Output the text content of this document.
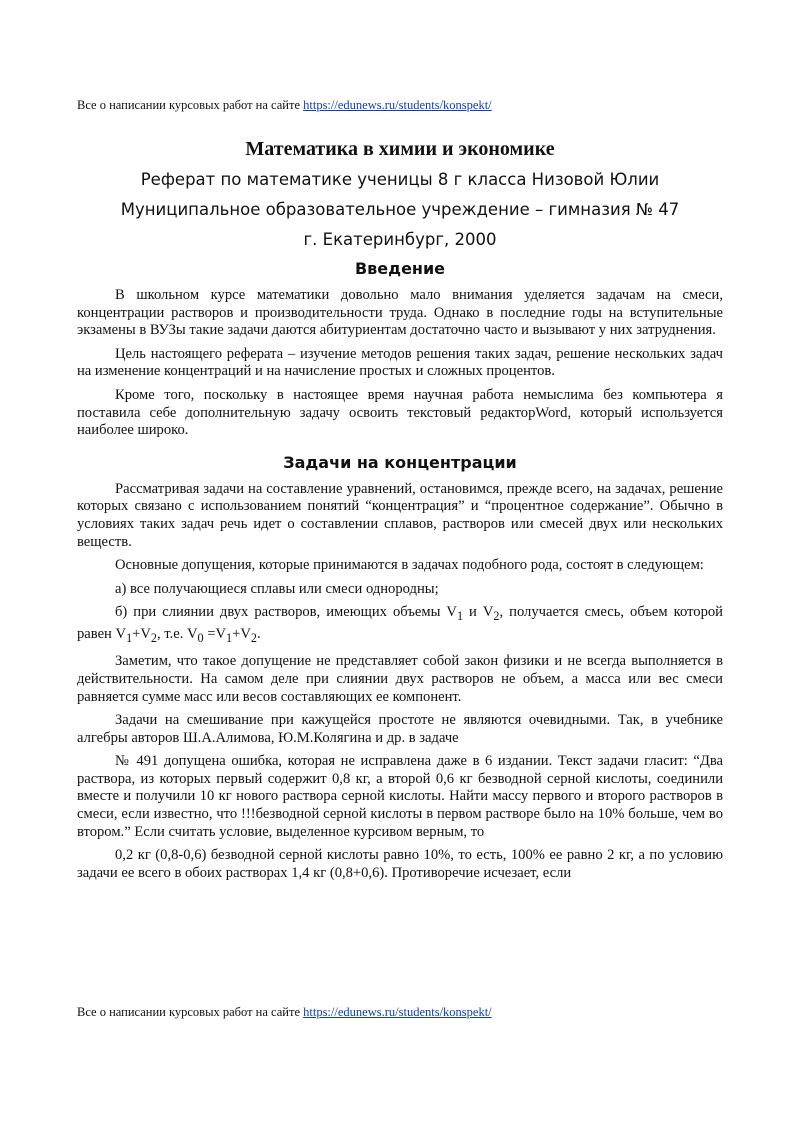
Все о написании курсовых работ на сайте https://edunews.ru/students/konspekt/
Математика в химии и экономике
Реферат по математике ученицы 8 г класса Низовой Юлии
Муниципальное образовательное учреждение – гимназия № 47
г. Екатеринбург, 2000
Введение

В школьном курсе математики довольно мало внимания уделяется задачам на смеси, концентрации растворов и производительности труда. Однако в последние годы на вступительные экзамены в ВУЗы такие задачи даются абитуриентам достаточно часто и вызывают у них затруднения.

Цель настоящего реферата – изучение методов решения таких задач, решение нескольких задач на изменение концентраций и на начисление простых и сложных процентов.

Кроме того, поскольку в настоящее время научная работа немыслима без компьютера я поставила себе дополнительную задачу освоить текстовый редакторWord, который используется наиболее широко.

Задачи на концентрации

Рассматривая задачи на составление уравнений, остановимся, прежде всего, на задачах, решение которых связано с использованием понятий “концентрация” и “процентное содержание”. Обычно в условиях таких задач речь идет о составлении сплавов, растворов или смесей двух или нескольких веществ.

Основные допущения, которые принимаются в задачах подобного рода, состоят в следующем:

а) все получающиеся сплавы или смеси однородны;

б) при слиянии двух растворов, имеющих объемы $V_1$ и $V_2$, получается смесь, объем которой равен $V_1+V_2$, т.е. $V_0 =V_1+V_2$.

Заметим, что такое допущение не представляет собой закон физики и не всегда выполняется в действительности. На самом деле при слиянии двух растворов не объем, а масса или вес смеси равняется сумме масс или весов составляющих ее компонент.

Задачи на смешивание при кажущейся простоте не являются очевидными. Так, в учебнике алгебры авторов Ш.А.Алимова, Ю.М.Колягина и др. в задаче

№ 491 допущена ошибка, которая не исправлена даже в 6 издании. Текст задачи гласит: “Два раствора, из которых первый содержит 0,8 кг, а второй 0,6 кг безводной серной кислоты, соединили вместе и получили 10 кг нового раствора серной кислоты. Найти массу первого и второго растворов в смеси, если известно, что !!!безводной серной кислоты в первом растворе было на 10% больше, чем во втором.” Если считать условие, выделенное курсивом верным, то

0,2 кг (0,8-0,6) безводной серной кислоты равно 10%, то есть, 100% ее равно 2 кг, а по условию задачи ее всего в обоих растворах 1,4 кг (0,8+0,6). Противоречие исчезает, если

Все о написании курсовых работ на сайте https://edunews.ru/students/konspekt/
